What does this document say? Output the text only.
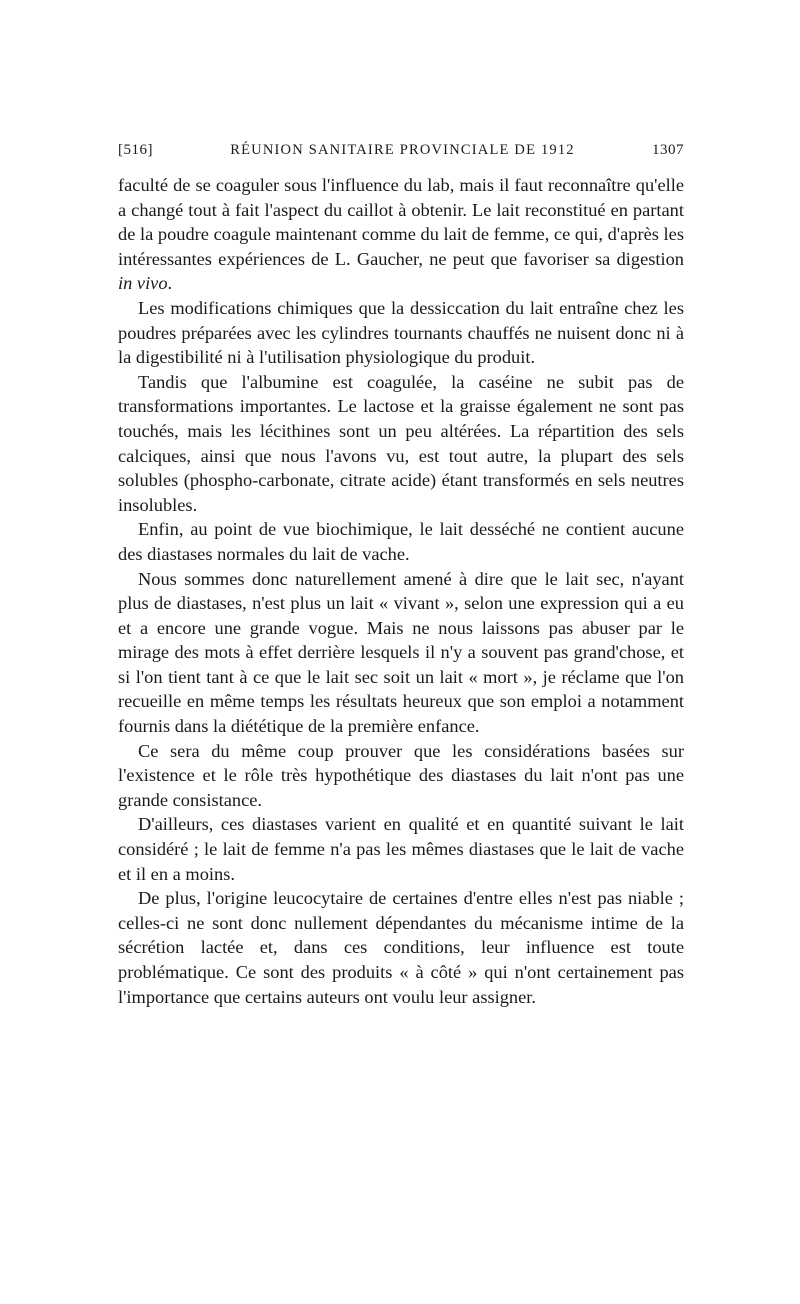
[516]	RÉUNION SANITAIRE PROVINCIALE DE 1912	1307

faculté de se coaguler sous l'influence du lab, mais il faut reconnaître qu'elle a changé tout à fait l'aspect du caillot à obtenir. Le lait reconstitué en partant de la poudre coagule maintenant comme du lait de femme, ce qui, d'après les intéressantes expériences de L. Gaucher, ne peut que favoriser sa digestion in vivo.

Les modifications chimiques que la dessiccation du lait entraîne chez les poudres préparées avec les cylindres tournants chauffés ne nuisent donc ni à la digestibilité ni à l'utilisation physiologique du produit.

Tandis que l'albumine est coagulée, la caséine ne subit pas de transformations importantes. Le lactose et la graisse également ne sont pas touchés, mais les lécithines sont un peu altérées. La répartition des sels calciques, ainsi que nous l'avons vu, est tout autre, la plupart des sels solubles (phospho-carbonate, citrate acide) étant transformés en sels neutres insolubles.

Enfin, au point de vue biochimique, le lait desséché ne contient aucune des diastases normales du lait de vache.

Nous sommes donc naturellement amené à dire que le lait sec, n'ayant plus de diastases, n'est plus un lait « vivant », selon une expression qui a eu et a encore une grande vogue. Mais ne nous laissons pas abuser par le mirage des mots à effet derrière lesquels il n'y a souvent pas grand'chose, et si l'on tient tant à ce que le lait sec soit un lait « mort », je réclame que l'on recueille en même temps les résultats heureux que son emploi a notamment fournis dans la diététique de la première enfance.

Ce sera du même coup prouver que les considérations basées sur l'existence et le rôle très hypothétique des diastases du lait n'ont pas une grande consistance.

D'ailleurs, ces diastases varient en qualité et en quantité suivant le lait considéré ; le lait de femme n'a pas les mêmes diastases que le lait de vache et il en a moins.

De plus, l'origine leucocytaire de certaines d'entre elles n'est pas niable ; celles-ci ne sont donc nullement dépendantes du mécanisme intime de la sécrétion lactée et, dans ces conditions, leur influence est toute problématique. Ce sont des produits « à côté » qui n'ont certainement pas l'importance que certains auteurs ont voulu leur assigner.
